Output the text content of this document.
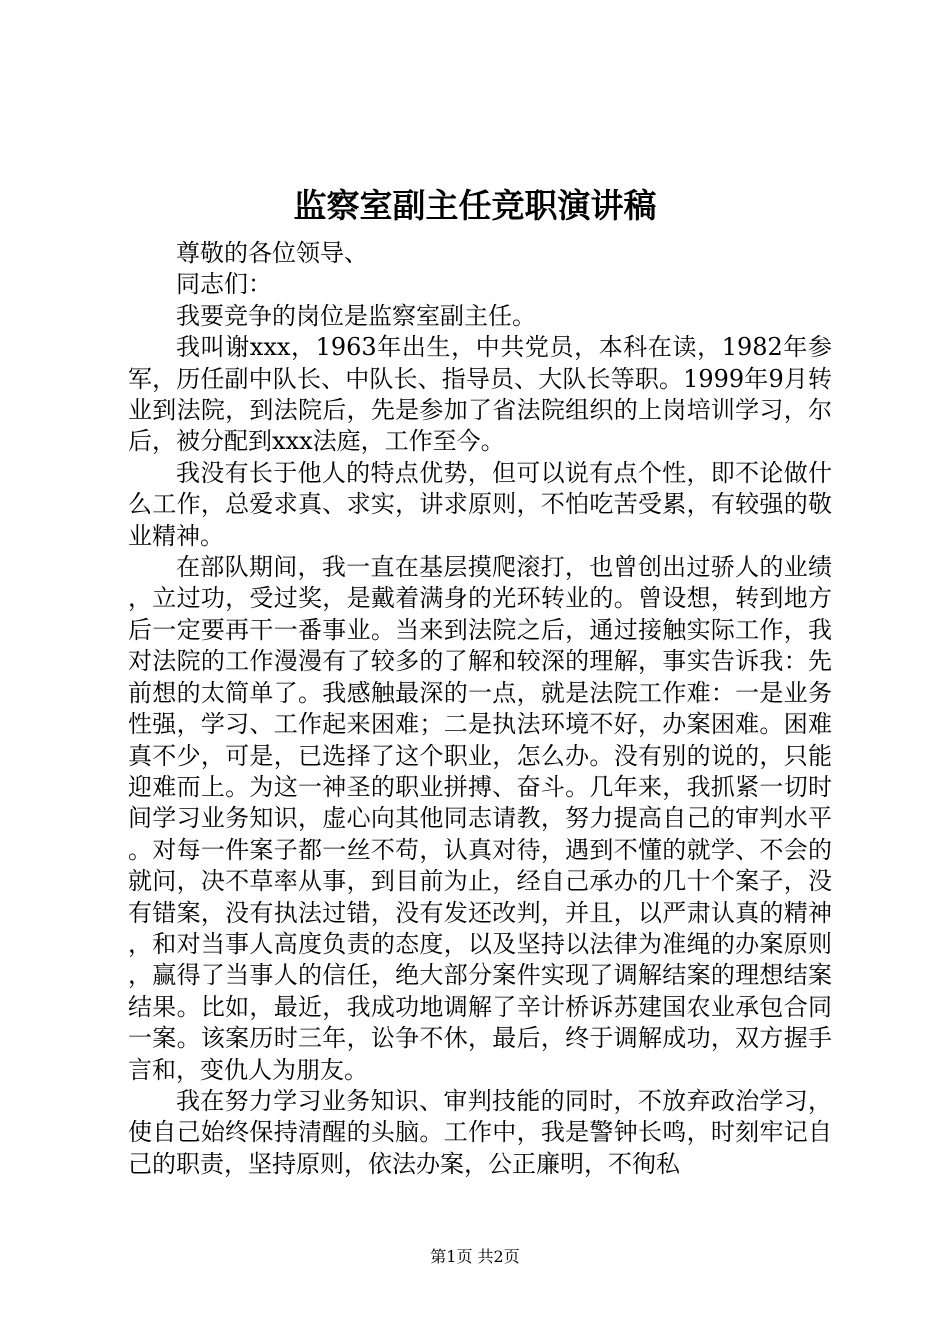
监察室副主任竞职演讲稿

尊敬的各位领导、

同志们：

我要竞争的岗位是监察室副主任。

我叫谢xxx，1963年出生，中共党员，本科在读，1982年参军，历任副中队长、中队长、指导员、大队长等职。1999年9月转业到法院，到法院后，先是参加了省法院组织的上岗培训学习，尔后，被分配到xxx法庭，工作至今。

我没有长于他人的特点优势，但可以说有点个性，即不论做什么工作，总爱求真、求实，讲求原则，不怕吃苦受累，有较强的敬业精神。

在部队期间，我一直在基层摸爬滚打，也曾创出过骄人的业绩，立过功，受过奖，是戴着满身的光环转业的。曾设想，转到地方后一定要再干一番事业。当来到法院之后，通过接触实际工作，我对法院的工作漫漫有了较多的了解和较深的理解，事实告诉我：先前想的太简单了。我感触最深的一点，就是法院工作难：一是业务性强，学习、工作起来困难；二是执法环境不好，办案困难。困难真不少，可是，已选择了这个职业，怎么办。没有别的说的，只能迎难而上。为这一神圣的职业拼搏、奋斗。几年来，我抓紧一切时间学习业务知识，虚心向其他同志请教，努力提高自己的审判水平。对每一件案子都一丝不苟，认真对待，遇到不懂的就学、不会的就问，决不草率从事，到目前为止，经自己承办的几十个案子，没有错案，没有执法过错，没有发还改判，并且，以严肃认真的精神，和对当事人高度负责的态度，以及坚持以法律为准绳的办案原则，赢得了当事人的信任，绝大部分案件实现了调解结案的理想结案结果。比如，最近，我成功地调解了辛计桥诉苏建国农业承包合同一案。该案历时三年，讼争不休，最后，终于调解成功，双方握手言和，变仇人为朋友。

我在努力学习业务知识、审判技能的同时，不放弃政治学习，使自己始终保持清醒的头脑。工作中，我是警钟长鸣，时刻牢记自己的职责，坚持原则，依法办案，公正廉明，不徇私

第1页 共2页
